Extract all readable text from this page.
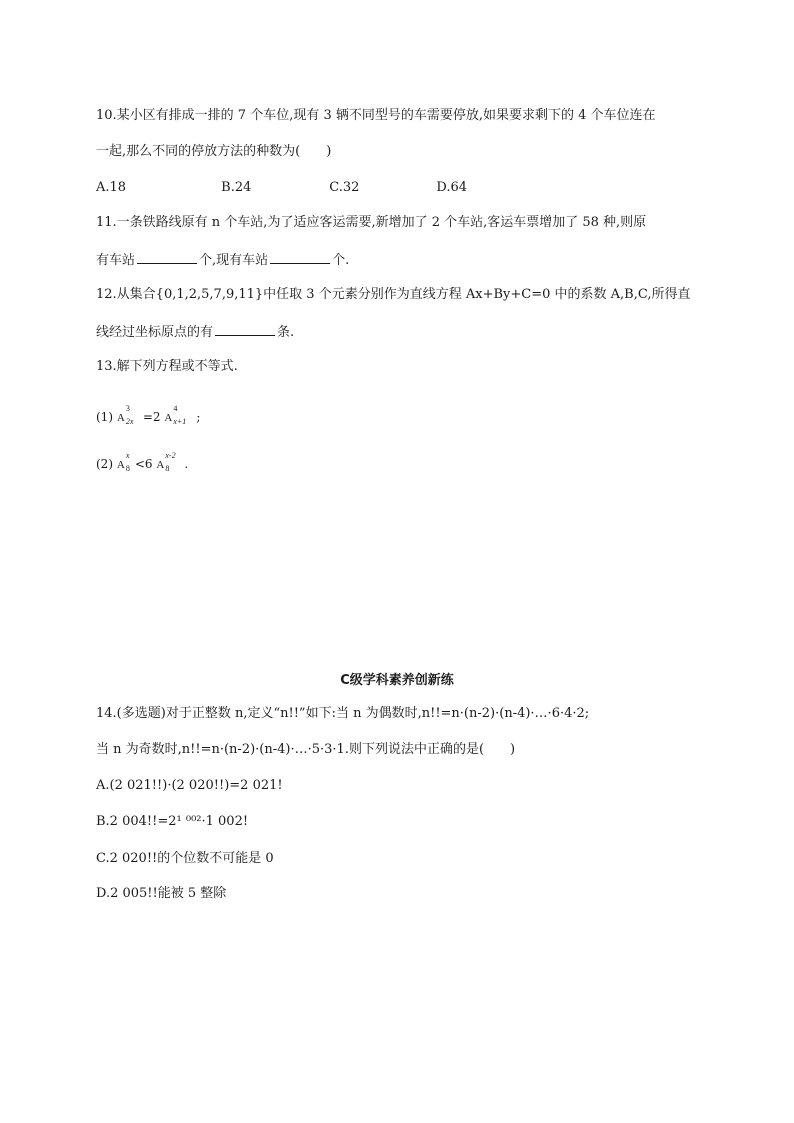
10.某小区有排成一排的 7 个车位,现有 3 辆不同型号的车需要停放,如果要求剩下的 4 个车位连在
一起,那么不同的停放方法的种数为(　　)
A.18	B.24	C.32	D.64
11.一条铁路线原有 n 个车站,为了适应客运需要,新增加了 2 个车站,客运车票增加了 58 种,则原
有车站	个,现有车站	个.
12.从集合{0,1,2,5,7,9,11}中任取 3 个元素分别作为直线方程 Ax+By+C=0 中的系数 A,B,C,所得直
线经过坐标原点的有	条.
13.解下列方程或不等式.
(1) A
3
2x =2 A
4
x+1 ;
(2) A
x
8 <6 A
x-2
8 .
C级学科素养创新练
14.(多选题)对于正整数 n,定义“n!!”如下:当 n 为偶数时,n!!=n·(n-2)·(n-4)·…·6·4·2;
当 n 为奇数时,n!!=n·(n-2)·(n-4)·…·5·3·1.则下列说法中正确的是(　　)
A.(2 021!!)·(2 020!!)=2 021!
B.2 004!!=2¹ ⁰⁰²·1 002!
C.2 020!!的个位数不可能是 0
D.2 005!!能被 5 整除
